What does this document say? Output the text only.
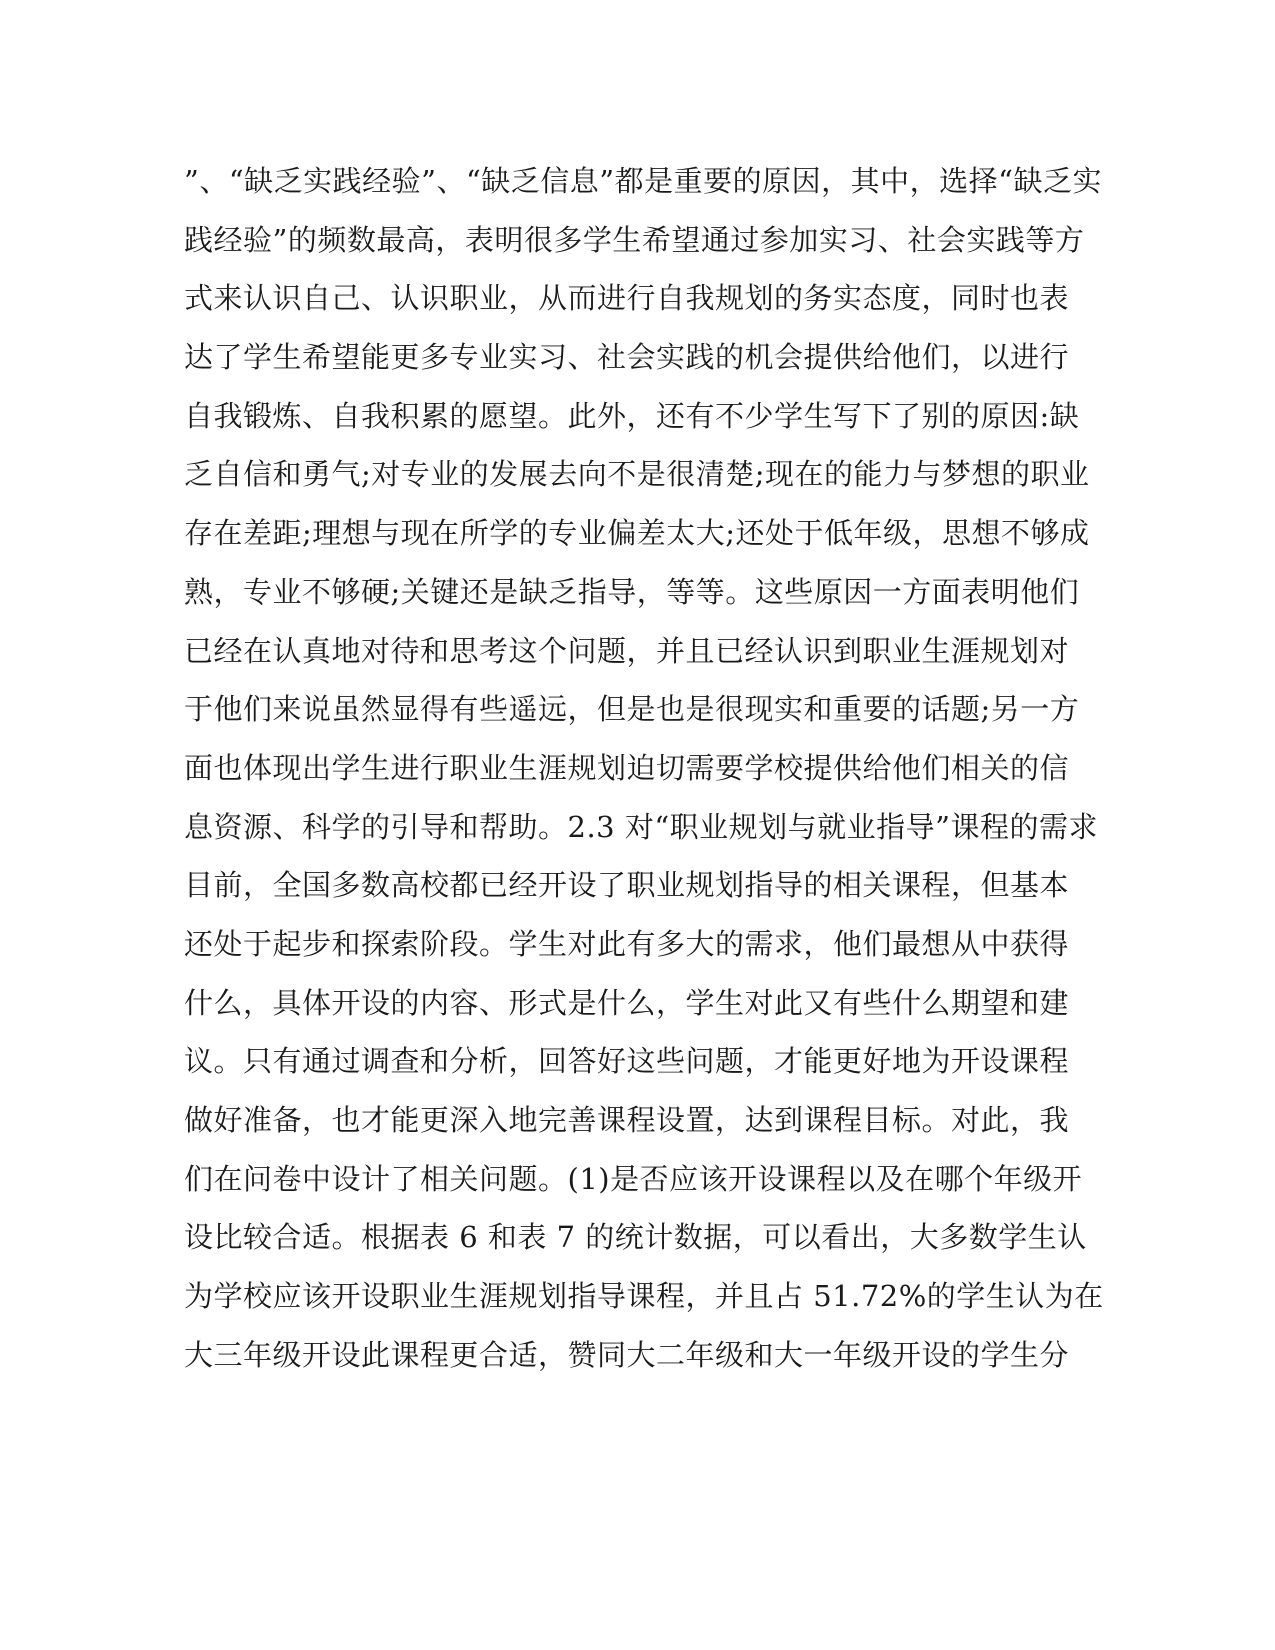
”、“缺乏实践经验”、“缺乏信息”都是重要的原因，其中，选择“缺乏实
践经验”的频数最高，表明很多学生希望通过参加实习、社会实践等方
式来认识自己、认识职业，从而进行自我规划的务实态度，同时也表
达了学生希望能更多专业实习、社会实践的机会提供给他们，以进行
自我锻炼、自我积累的愿望。此外，还有不少学生写下了别的原因:缺
乏自信和勇气;对专业的发展去向不是很清楚;现在的能力与梦想的职业
存在差距;理想与现在所学的专业偏差太大;还处于低年级，思想不够成
熟，专业不够硬;关键还是缺乏指导，等等。这些原因一方面表明他们
已经在认真地对待和思考这个问题，并且已经认识到职业生涯规划对
于他们来说虽然显得有些遥远，但是也是很现实和重要的话题;另一方
面也体现出学生进行职业生涯规划迫切需要学校提供给他们相关的信
息资源、科学的引导和帮助。2.3 对“职业规划与就业指导”课程的需求
目前，全国多数高校都已经开设了职业规划指导的相关课程，但基本
还处于起步和探索阶段。学生对此有多大的需求，他们最想从中获得
什么，具体开设的内容、形式是什么，学生对此又有些什么期望和建
议。只有通过调查和分析，回答好这些问题，才能更好地为开设课程
做好准备，也才能更深入地完善课程设置，达到课程目标。对此，我
们在问卷中设计了相关问题。(1)是否应该开设课程以及在哪个年级开
设比较合适。根据表 6 和表 7 的统计数据，可以看出，大多数学生认
为学校应该开设职业生涯规划指导课程，并且占 51.72%的学生认为在
大三年级开设此课程更合适，赞同大二年级和大一年级开设的学生分
